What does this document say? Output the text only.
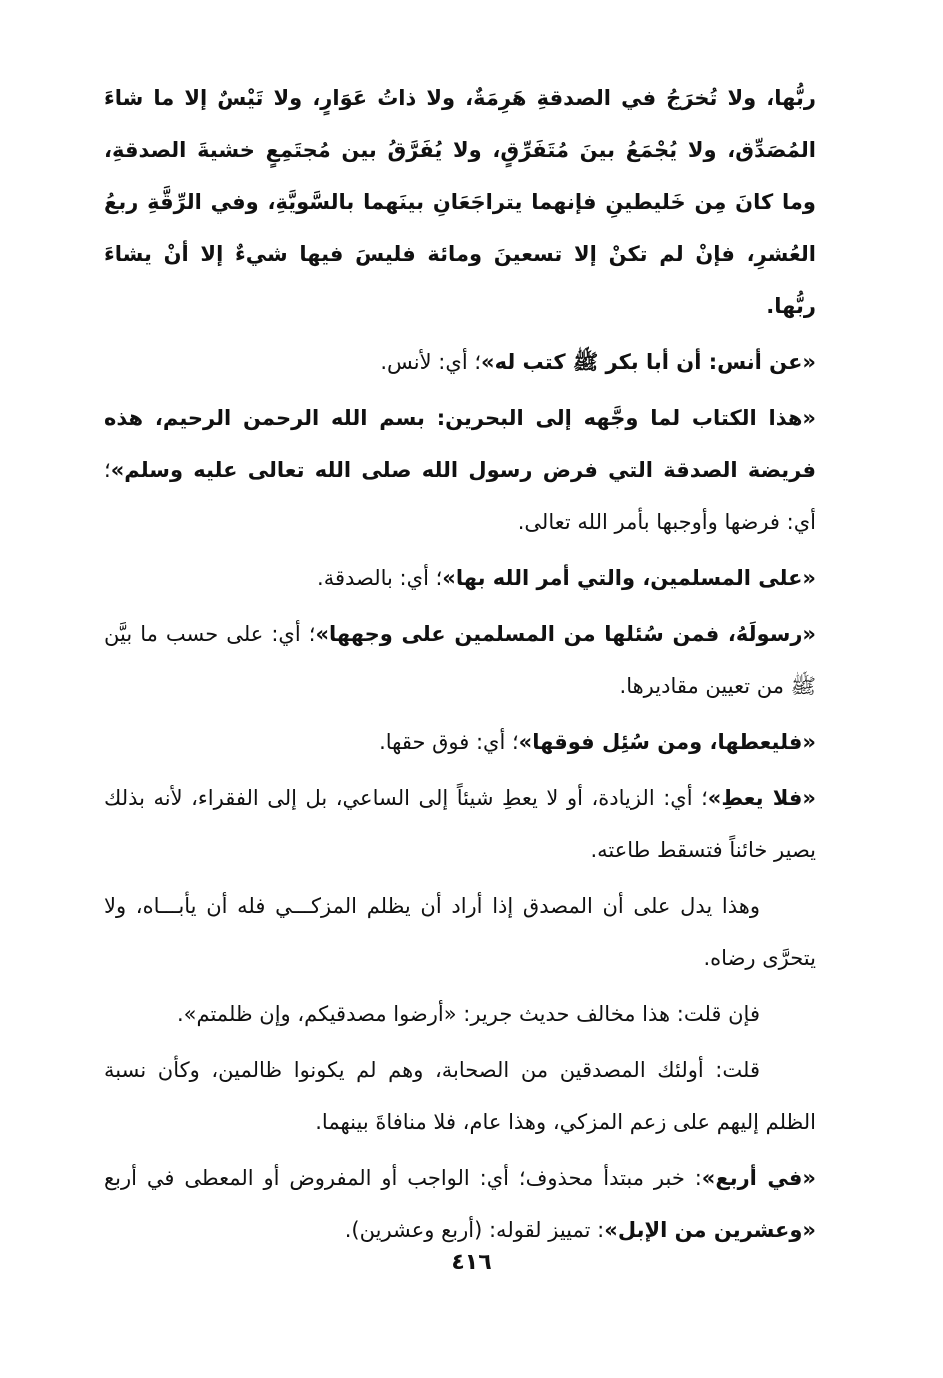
ربُّها، ولا تُخرَجُ في الصدقةِ هَرِمَةٌ، ولا ذاتُ عَوَارٍ، ولا تَيْسٌ إلا ما شاءَ المُصَدِّق، ولا يُجْمَعُ بينَ مُتَفَرِّقٍ، ولا يُفَرَّقُ بين مُجتَمِعٍ خشيةَ الصدقةِ، وما كانَ مِن خَليطينِ فإنهما يتراجَعَانِ بينَهما بالسَّويَّةِ، وفي الرِّقَّةِ ربعُ العُشرِ، فإنْ لم تكنْ إلا تسعينَ ومائة فليسَ فيها شيءٌ إلا أنْ يشاءَ ربُّها.

«عن أنس: أن أبا بكر ﷺ كتب له»؛ أي: لأنس.

«هذا الكتاب لما وجَّهه إلى البحرين: بسم الله الرحمن الرحيم، هذه فريضة الصدقة التي فرض رسول الله صلى الله تعالى عليه وسلم»؛ أي: فرضها وأوجبها بأمر الله تعالى.

«على المسلمين، والتي أمر الله بها»؛ أي: بالصدقة.

«رسولَهُ، فمن سُئلها من المسلمين على وجهها»؛ أي: على حسب ما بيَّن ﷺ من تعيين مقاديرها.

«فليعطها، ومن سُئِل فوقها»؛ أي: فوق حقها.

«فلا يعطِ»؛ أي: الزيادة، أو لا يعطِ شيئاً إلى الساعي، بل إلى الفقراء، لأنه بذلك يصير خائناً فتسقط طاعته.

وهذا يدل على أن المصدق إذا أراد أن يظلم المزكـــي فله أن يأبـــاه، ولا يتحرَّى رضاه.

فإن قلت: هذا مخالف حديث جرير: «أرضوا مصدقيكم، وإن ظلمتم».

قلت: أولئك المصدقين من الصحابة، وهم لم يكونوا ظالمين، وكأن نسبة الظلم إليهم على زعم المزكي، وهذا عام، فلا منافاةَ بينهما.

«في أربع»: خبر مبتدأ محذوف؛ أي: الواجب أو المفروض أو المعطى في أربع «وعشرين من الإبل»: تمييز لقوله: (أربع وعشرين).

٤١٦
